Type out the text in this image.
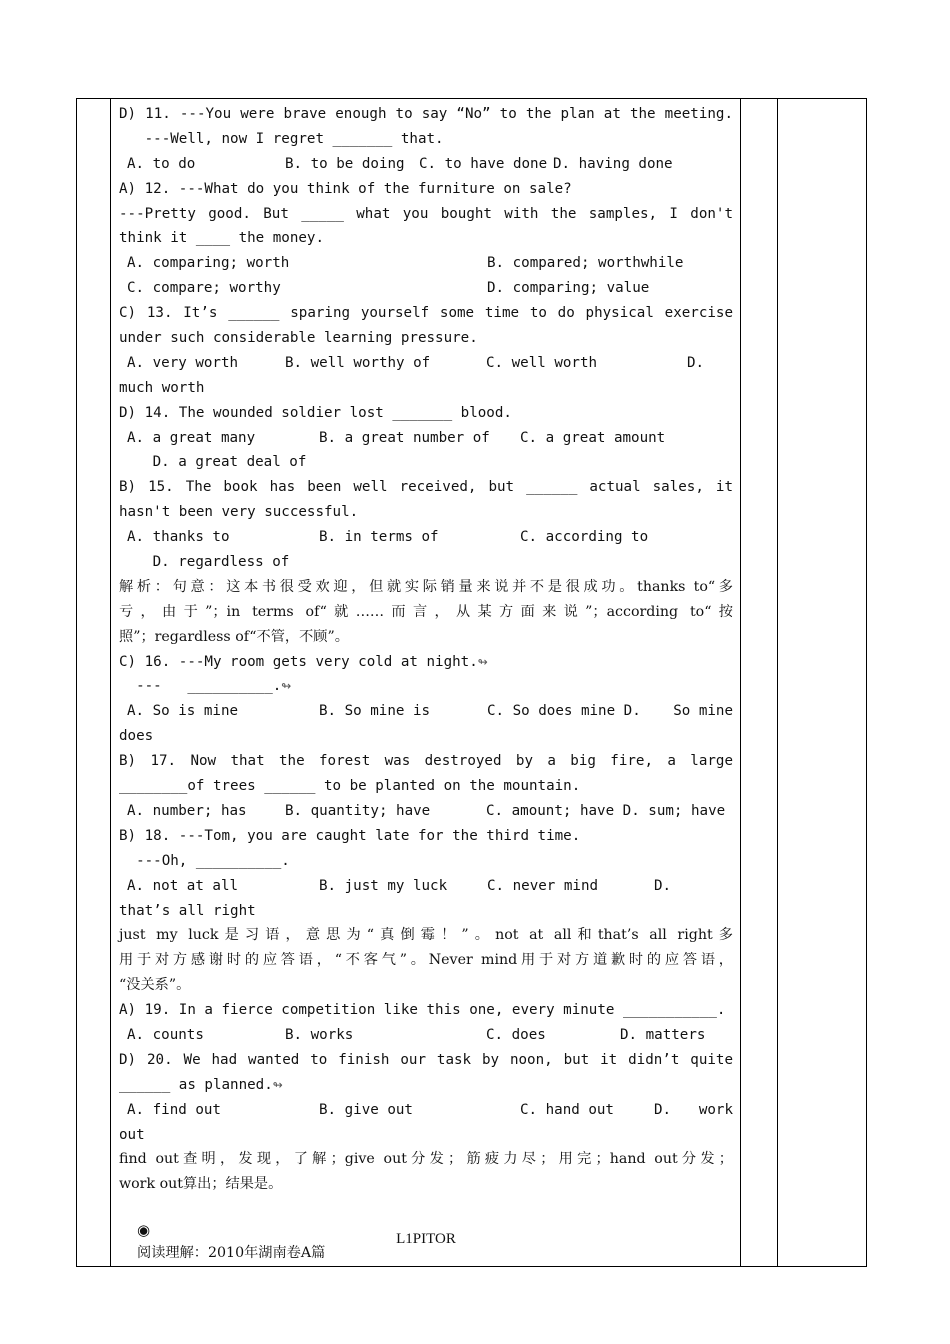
D) 11. ---You were brave enough to say “No” to the plan at the meeting.
---Well, now I regret _______ that.
A. to do	B. to be doing	C. to have done D. having done
A) 12. ---What do you think of the furniture on sale?
---Pretty good. But _____ what you bought with the samples, I don't
think it ____ the money.
A. comparing; worth	B. compared; worthwhile
C. compare; worthy	D. comparing; value
C) 13. It’s ______ sparing yourself some time to do physical exercise
under such considerable learning pressure.
A. very worth	B. well worthy of	C. well worth	D.
much worth
D) 14. The wounded soldier lost _______ blood.
A. a great many	B. a great number of	C. a great amount
D. a great deal of
B) 15. The book has been well received, but ______ actual sales, it
hasn't been very successful.
A. thanks to	B. in terms of	C. according to
D. regardless of
解析：句意：这本书很受欢迎，但就实际销量来说并不是很成功。thanks to“多
亏，由于”；in terms of“就……而言，从某方面来说”；according to“按
照”；regardless of“不管，不顾”。
C) 16. ---My room gets very cold at night.↬
---   __________.↬
A. So is mine	B. So mine is	C. So does mine D.	So mine
does
B) 17. Now that the forest was destroyed by a big fire, a large
________of trees ______ to be planted on the mountain.
A. number; has	B. quantity; have	C. amount; have D. sum; have
B) 18. ---Tom, you are caught late for the third time.
---Oh, __________.
A. not at all	B. just my luck	C. never mind	D.
that’s all right
just my luck是习语，意思为“真倒霉！”。not at all和that’s all right多
用于对方感谢时的应答语，“不客气”。Never mind用于对方道歉时的应答语，
“没关系”。
A) 19. In a fierce competition like this one, every minute ___________.
A. counts	B. works	C. does	D. matters
D) 20. We had wanted to finish our task by noon, but it didn’t quite
______ as planned.↬
A. find out	B. give out	C. hand out	D.	work
out
find out查明，发现，了解；give out分发；筋疲力尽；用完；hand out分发；
work out算出；结果是。

◉
阅读理解：2010年湖南卷A篇

L1PITOR
